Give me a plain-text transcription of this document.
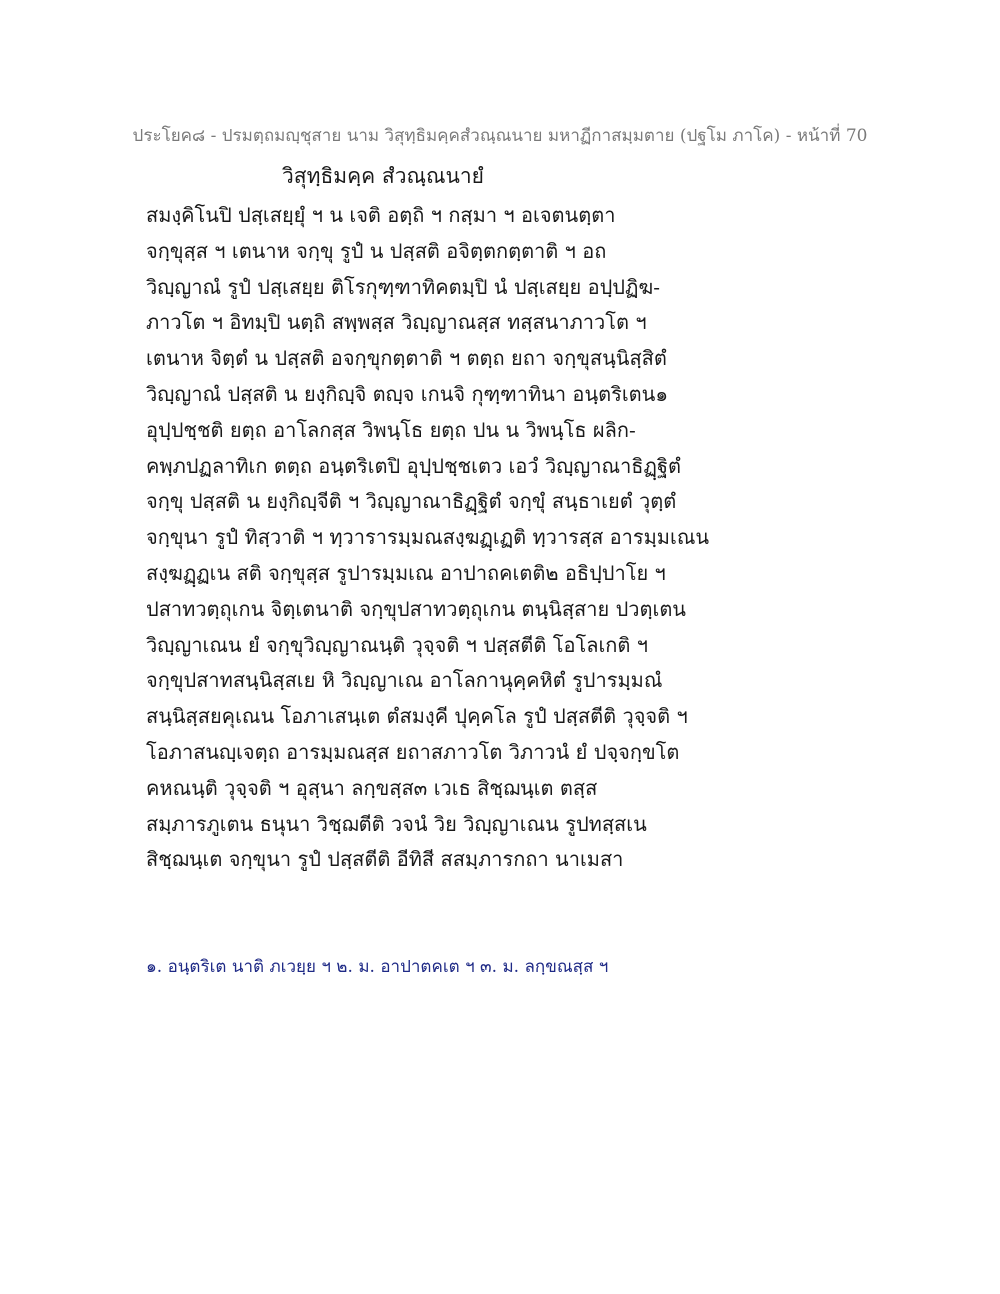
ประโยค๘ - ปรมตฺถมญฺชุสาย นาม วิสุทฺธิมคฺคสํวณฺณนาย มหาฏีกาสมฺมตาย (ปฐโม ภาโค) - หน้าที่ 70
วิสุทฺธิมคฺค สํวณฺณนายํ
สมงฺคิโนปิ ปสฺเสยฺยุํ ฯ น เจติ อตฺถิ ฯ กสฺมา ฯ อเจตนตฺตา
จกฺขุสฺส ฯ เตนาห จกฺขุ รูปํ น ปสฺสติ อจิตฺตกตฺตาติ ฯ อถ
วิญฺญาณํ รูปํ ปสฺเสยฺย ติโรกุฑฺฑาทิคตมฺปิ นํ ปสฺเสยฺย อปฺปฏิฆ-
ภาวโต ฯ อิทมฺปิ นตฺถิ สพฺพสฺส วิญฺญาณสฺส ทสฺสนาภาวโต ฯ
เตนาห จิตฺตํ น ปสฺสติ อจกฺขุกตฺตาติ ฯ ตตฺถ ยถา จกฺขุสนฺนิสฺสิตํ
วิญฺญาณํ ปสฺสติ น ยงฺกิญฺจิ ตญฺจ เกนจิ กุฑฺฑาทินา อนฺตริเตน๑
อุปฺปชฺชติ ยตฺถ อาโลกสฺส วิพนฺโธ ยตฺถ ปน น วิพนฺโธ ผลิก-
คพฺภปฏลาทิเก ตตฺถ อนฺตริเตปิ อุปฺปชฺชเตว เอวํ วิญฺญาณาธิฏฺฐิตํ
จกฺขุ ปสฺสติ น ยงฺกิญฺจีติ ฯ วิญฺญาณาธิฏฺฐิตํ จกฺขุํ สนฺธาเยตํ วุตฺตํ
จกฺขุนา รูปํ ทิสฺวาติ ฯ ทฺวารารมฺมณสงฺฆฏฺเฏติ ทฺวารสฺส อารมฺมเณน
สงฺฆฏฺฏเน สติ จกฺขุสฺส รูปารมฺมเณ อาปาถคเตติ๒ อธิปฺปาโย ฯ
ปสาทวตฺถุเกน จิตฺเตนาติ จกฺขุปสาทวตฺถุเกน ตนฺนิสฺสาย ปวตฺเตน
วิญฺญาเณน ยํ จกฺขุวิญฺญาณนฺติ วุจฺจติ ฯ ปสฺสตีติ โอโลเกติ ฯ
จกฺขุปสาทสนฺนิสฺสเย หิ วิญฺญาเณ อาโลกานุคฺคหิตํ รูปารมฺมณํ
สนฺนิสฺสยคุเณน โอภาเสนฺเต ตํสมงฺคี ปุคฺคโล รูปํ ปสฺสตีติ วุจฺจติ ฯ
โอภาสนญฺเจตฺถ อารมฺมณสฺส ยถาสภาวโต วิภาวนํ ยํ ปจฺจกฺขโต
คหณนฺติ วุจฺจติ ฯ อุสฺนา ลกฺขสฺส๓ เวเธ สิชฺฌนฺเต ตสฺส
สมฺภารภูเตน ธนุนา วิชฺฌตีติ วจนํ วิย วิญฺญาเณน รูปทสฺสเน
สิชฺฌนฺเต จกฺขุนา รูปํ ปสฺสตีติ อีทิสี สสมฺภารกถา นาเมสา
๑. อนฺตริเต นาติ ภเวยฺย ฯ ๒. ม. อาปาตคเต ฯ ๓. ม. ลกฺขณสฺส ฯ
